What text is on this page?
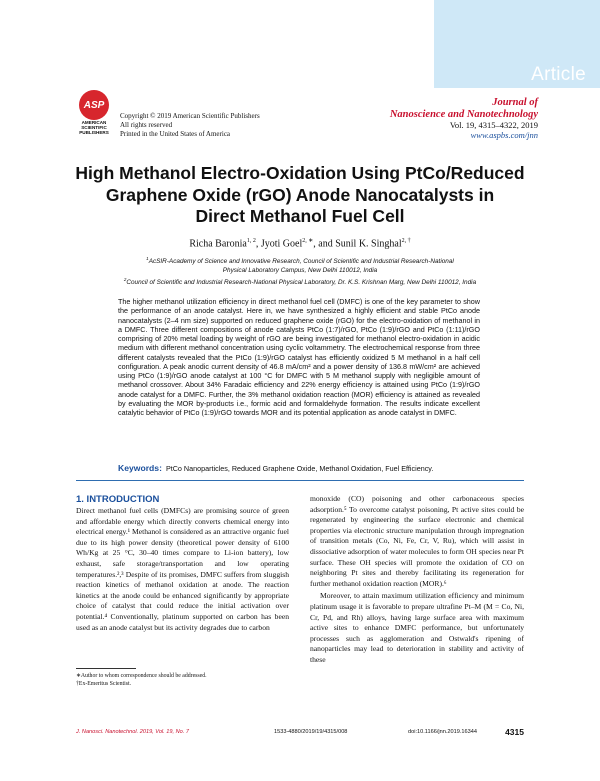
Article
ASP
AMERICAN
SCIENTIFIC
PUBLISHERS
Copyright © 2019 American Scientific Publishers
All rights reserved
Printed in the United States of America
Journal of
Nanoscience and Nanotechnology
Vol. 19, 4315–4322, 2019
www.aspbs.com/jnn
High Methanol Electro-Oxidation Using PtCo/Reduced
Graphene Oxide (rGO) Anode Nanocatalysts in
Direct Methanol Fuel Cell
Richa Baronia$^{1, 2}$, Jyoti Goel$^{2, ∗}$, and Sunil K. Singhal$^{2, \dagger}$
$^1$AcSIR-Academy of Science and Innovative Research, Council of Scientific and Industrial Research-National
Physical Laboratory Campus, New Delhi 110012, India
$^2$Council of Scientific and Industrial Research-National Physical Laboratory, Dr. K.S. Krishnan Marg, New Delhi 110012, India
The higher methanol utilization efficiency in direct methanol fuel cell (DMFC) is one of the key parameter to show the performance of an anode catalyst. Here in, we have synthesized a highly efficient and stable PtCo anode nanocatalysts (2–4 nm size) supported on reduced graphene oxide (rGO) for the electro-oxidation of methanol in a DMFC. Three different compositions of anode catalysts PtCo (1:7)/rGO, PtCo (1:9)/rGO and PtCo (1:11)/rGO comprising of 20% metal loading by weight of rGO are being investigated for methanol electro-oxidation in acidic medium with different methanol concentration using cyclic voltammetry. The electrochemical response from three different catalysts revealed that the PtCo (1:9)/rGO catalyst has efficiently oxidized 5 M methanol in a half cell configuration. A peak anodic current density of 46.8 mA/cm² and a power density of 136.8 mW/cm² are achieved using PtCo (1:9)/rGO anode catalyst at 100 °C for DMFC with 5 M methanol supply with negligible amount of methanol crossover. About 34% Faradaic efficiency and 22% energy efficiency is attained using PtCo (1:9)/rGO anode catalyst for a DMFC. Further, the 3% methanol oxidation reaction (MOR) efficiency is attained as revealed by evaluating the MOR by-products i.e., formic acid and formaldehyde formation. The results indicate excellent catalytic behavior of PtCo (1:9)/rGO towards MOR and its potential application as anode catalyst in DMFC.
Keywords: PtCo Nanoparticles, Reduced Graphene Oxide, Methanol Oxidation, Fuel Efficiency.
1. INTRODUCTION

Direct methanol fuel cells (DMFCs) are promising source of green and affordable energy which directly converts chemical energy into electrical energy.¹ Methanol is considered as an attractive organic fuel due to its high power density (theoretical power density of 6100 Wh/Kg at 25 °C, 30–40 times compare to Li-ion battery), low exhaust, safe storage/transportation and low operating temperatures.²,³ Despite of its promises, DMFC suffers from sluggish reaction kinetics of methanol oxidation at anode. The reaction kinetics at the anode could be enhanced significantly by appropriate choice of catalyst that could reduce the initial activation over potential.⁴ Conventionally, platinum supported on carbon has been used as an anode catalyst but its activity degrades due to carbon

monoxide (CO) poisoning and other carbonaceous species adsorption.⁵ To overcome catalyst poisoning, Pt active sites could be regenerated by engineering the surface electronic and chemical properties via electronic structure manipulation through impregnation of transition metals (Co, Ni, Fe, Cr, V, Ru), which will assist in dissociative adsorption of water molecules to form OH species near Pt surface. These OH species will promote the oxidation of CO on neighboring Pt sites and thereby facilitating its regeneration for further methanol oxidation reaction (MOR).⁶

Moreover, to attain maximum utilization efficiency and minimum platinum usage it is favorable to prepare ultrafine Pt–M (M = Co, Ni, Cr, Pd, and Rh) alloys, having large surface area with maximum active sites to enhance DMFC performance, but unfortunately processes such as agglomeration and Ostwald's ripening of nanoparticles may lead to deterioration in stability and activity of these

∗Author to whom correspondence should be addressed.
†Ex-Emeritus Scientist.
J. Nanosci. Nanotechnol. 2019, Vol. 19, No. 7	1533-4880/2019/19/4315/008	doi:10.1166/jnn.2019.16344	4315
